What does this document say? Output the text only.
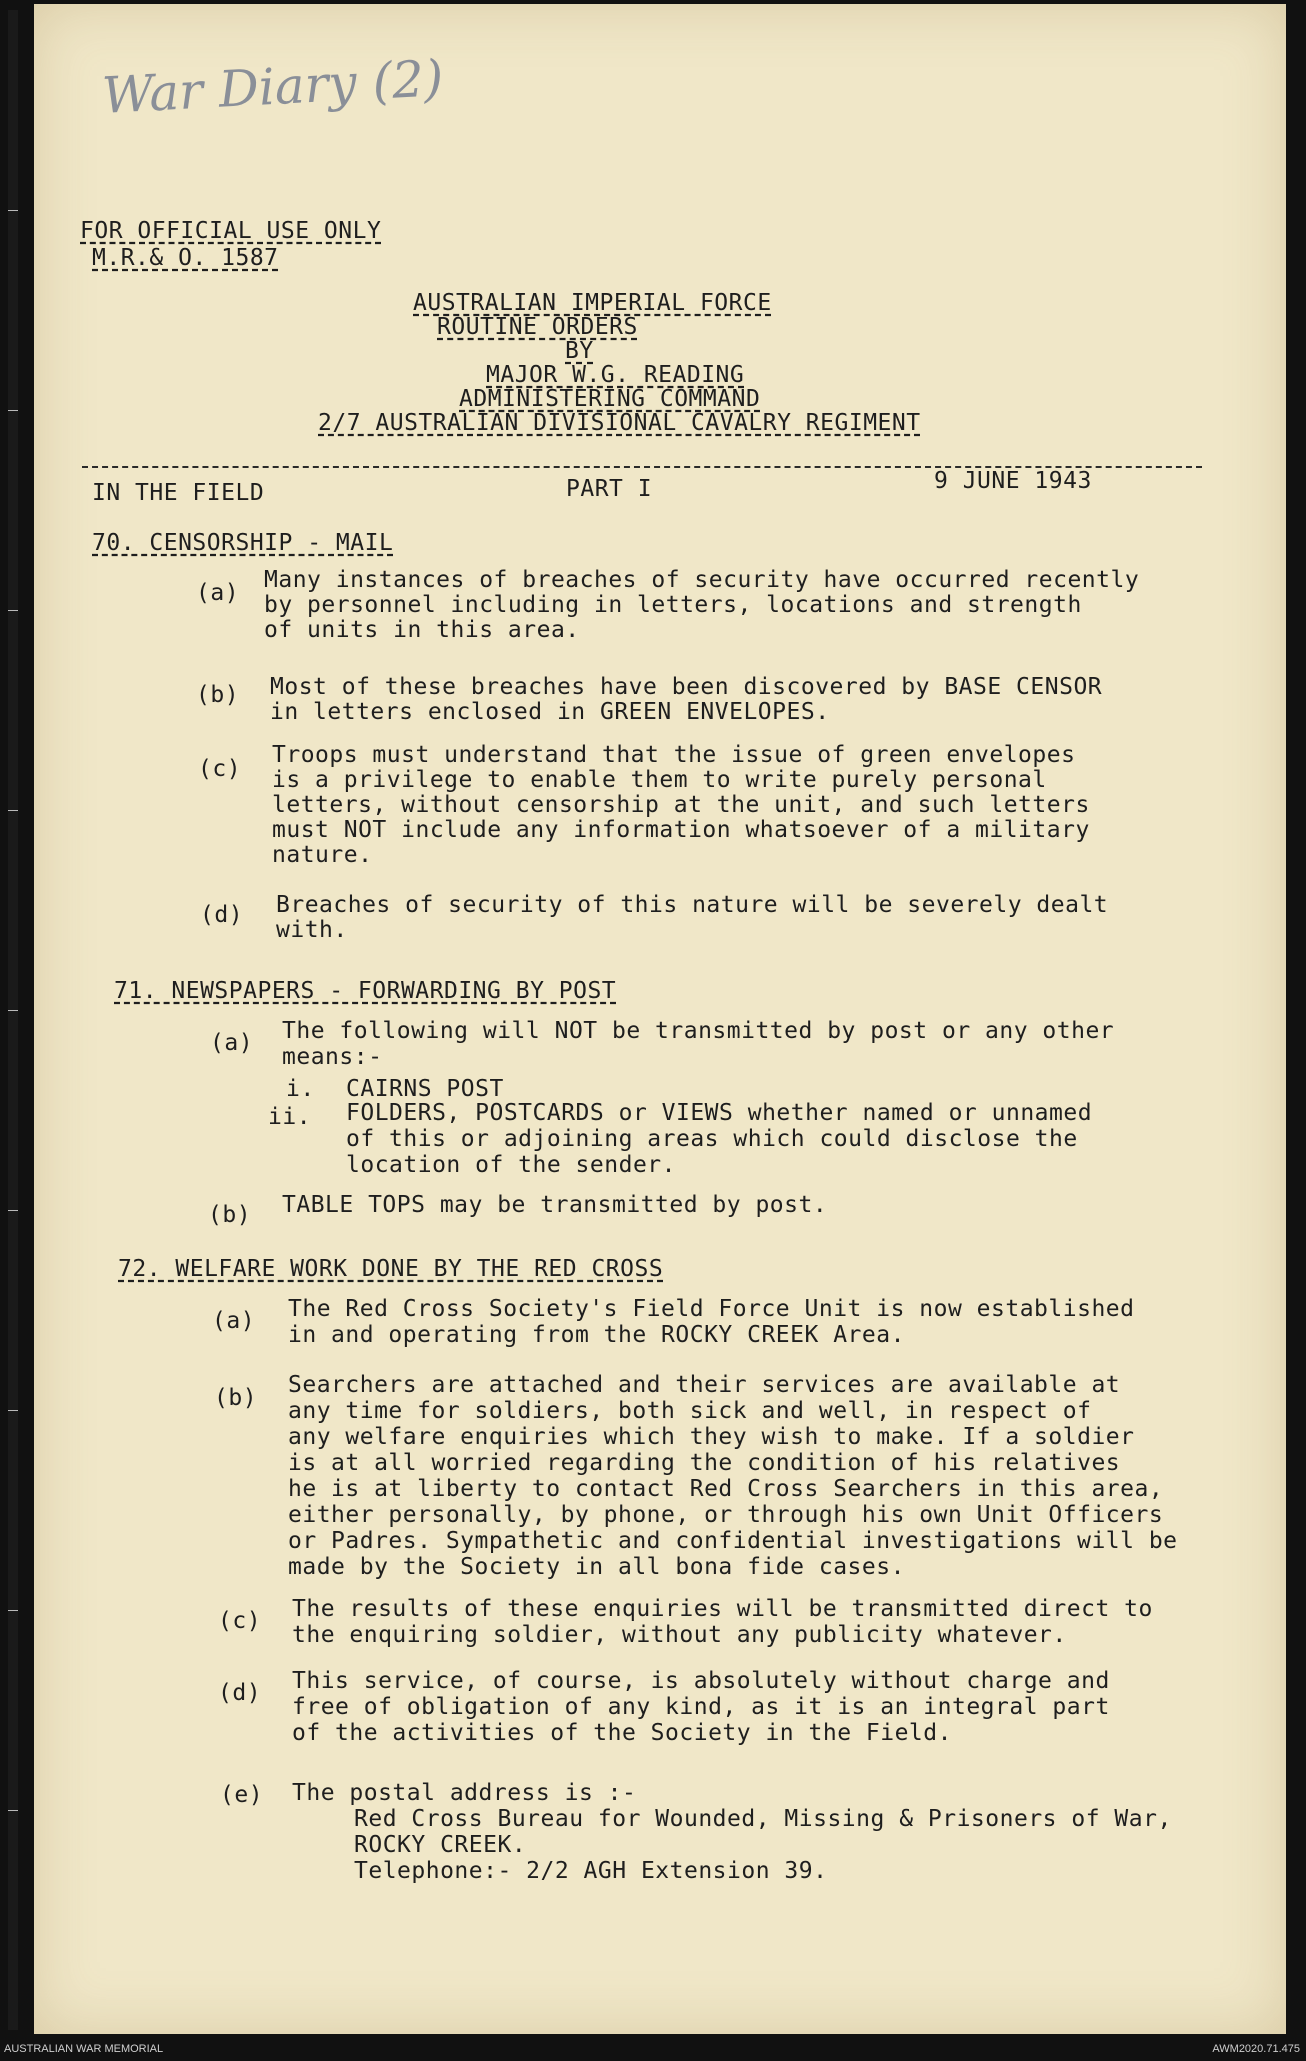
War Diary (2)
FOR OFFICIAL USE ONLY
M.R.& O. 1587
AUSTRALIAN IMPERIAL FORCE
ROUTINE ORDERS
BY
MAJOR W.G. READING
ADMINISTERING COMMAND
2/7 AUSTRALIAN DIVISIONAL CAVALRY REGIMENT
IN THE FIELD	PART I	9 JUNE 1943
70. CENSORSHIP - MAIL
(a) Many instances of breaches of security have occurred recently
by personnel including in letters, locations and strength
of units in this area.
(b) Most of these breaches have been discovered by BASE CENSOR
in letters enclosed in GREEN ENVELOPES.
(c)
Troops must understand that the issue of green envelopes
is a privilege to enable them to write purely personal
letters, without censorship at the unit, and such letters
must NOT include any information whatsoever of a military
nature.
(d) Breaches of security of this nature will be severely dealt
with.
71. NEWSPAPERS - FORWARDING BY POST
(a) The following will NOT be transmitted by post or any other
means:-
i. CAIRNS POST
ii. FOLDERS, POSTCARDS or VIEWS whether named or unnamed
of this or adjoining areas which could disclose the
location of the sender.
(b) TABLE TOPS may be transmitted by post.
72. WELFARE WORK DONE BY THE RED CROSS
(a) The Red Cross Society's Field Force Unit is now established
in and operating from the ROCKY CREEK Area.
(b) Searchers are attached and their services are available at
any time for soldiers, both sick and well, in respect of
any welfare enquiries which they wish to make. If a soldier
is at all worried regarding the condition of his relatives
he is at liberty to contact Red Cross Searchers in this area,
either personally, by phone, or through his own Unit Officers
or Padres. Sympathetic and confidential investigations will be
made by the Society in all bona fide cases.
(c) The results of these enquiries will be transmitted direct to
the enquiring soldier, without any publicity whatever.
(d) This service, of course, is absolutely without charge and
free of obligation of any kind, as it is an integral part
of the activities of the Society in the Field.
(e) The postal address is :-
Red Cross Bureau for Wounded, Missing & Prisoners of War,
ROCKY CREEK.
Telephone:- 2/2 AGH Extension 39.
AUSTRALIAN WAR MEMORIAL	AWM2020.71.475
